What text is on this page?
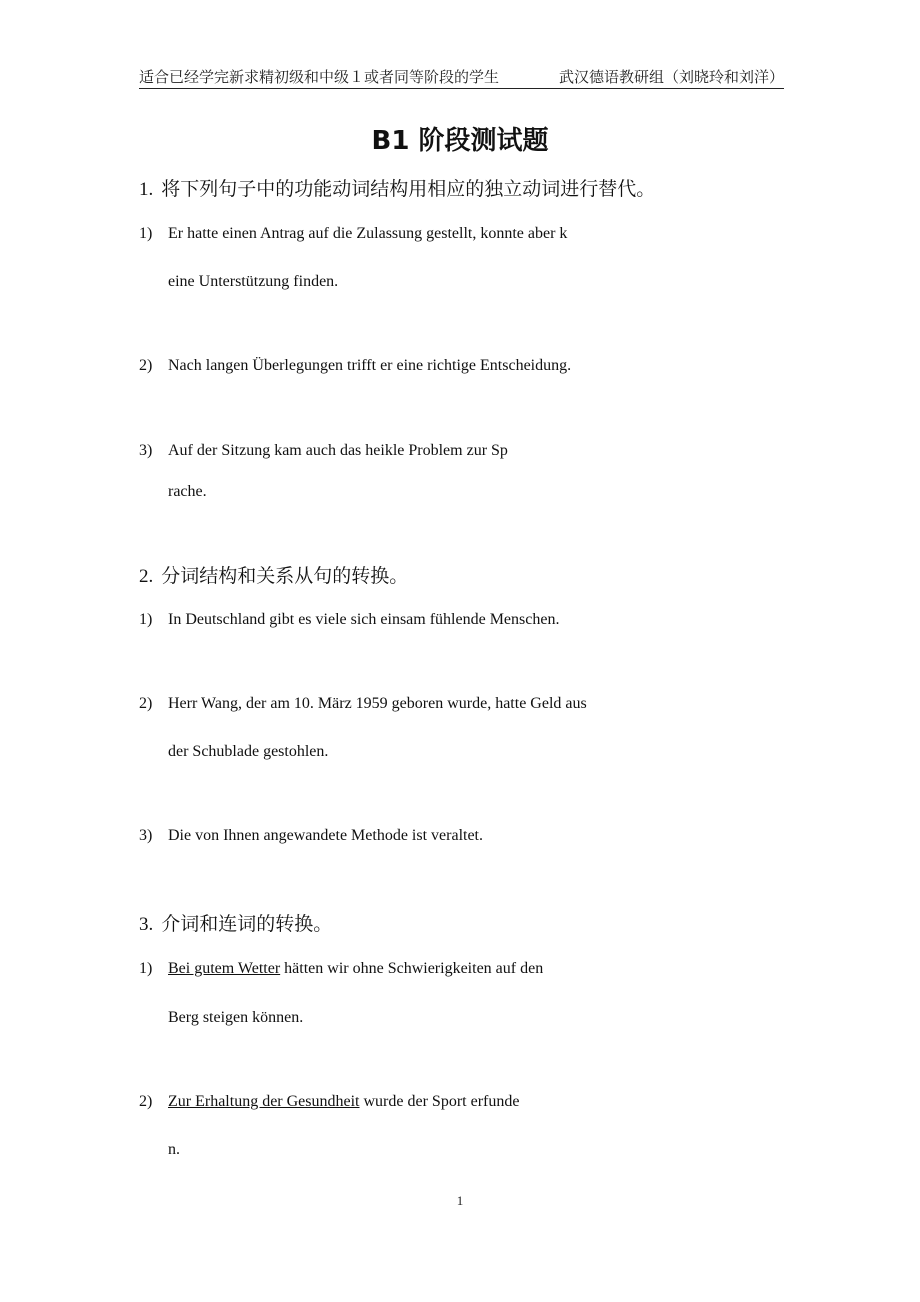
适合已经学完新求精初级和中级１或者同等阶段的学生	武汉德语教研组（刘晓玲和刘洋）
B1 阶段测试题
1. 将下列句子中的功能动词结构用相应的独立动词进行替代。
1) Er hatte einen Antrag auf die Zulassung gestellt, konnte aber k
eine Unterstützung finden.
2) Nach langen Überlegungen trifft er eine richtige Entscheidung.
3) Auf der Sitzung kam auch das heikle Problem zur Sp
rache.
2. 分词结构和关系从句的转换。
1) In Deutschland gibt es viele sich einsam fühlende Menschen.
2) Herr Wang, der am 10. März 1959 geboren wurde, hatte Geld aus
der Schublade gestohlen.
3) Die von Ihnen angewandete Methode ist veraltet.
3. 介词和连词的转换。
1) Bei gutem Wetter hätten wir ohne Schwierigkeiten auf den
Berg steigen können.
2) Zur Erhaltung der Gesundheit wurde der Sport erfunde
n.
1
